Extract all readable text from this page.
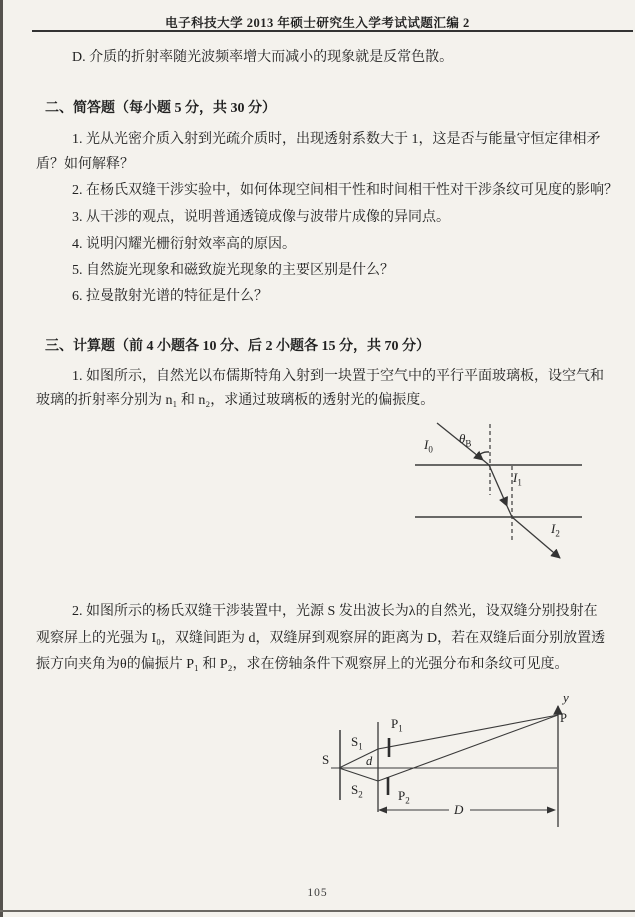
电子科技大学 2013 年硕士研究生入学考试试题汇编 2
D. 介质的折射率随光波频率增大而减小的现象就是反常色散。
二、简答题（每小题 5 分，共 30 分）
1. 光从光密介质入射到光疏介质时，出现透射系数大于 1，这是否与能量守恒定律相矛
盾？如何解释？
2. 在杨氏双缝干涉实验中，如何体现空间相干性和时间相干性对干涉条纹可见度的影响？
3. 从干涉的观点，说明普通透镜成像与波带片成像的异同点。
4. 说明闪耀光栅衍射效率高的原因。
5. 自然旋光现象和磁致旋光现象的主要区别是什么？
6. 拉曼散射光谱的特征是什么？
三、计算题（前 4 小题各 10 分、后 2 小题各 15 分，共 70 分）
1. 如图所示，自然光以布儒斯特角入射到一块置于空气中的平行平面玻璃板，设空气和
玻璃的折射率分别为 n₁ 和 n₂，求通过玻璃板的透射光的偏振度。
$I_0$
$\theta_B$
$I_1$
$I_2$
2. 如图所示的杨氏双缝干涉装置中，光源 S 发出波长为λ的自然光，设双缝分别投射在
观察屏上的光强为 I₀，双缝间距为 d，双缝屏到观察屏的距离为 D，若在双缝后面分别放置透
振方向夹角为θ的偏振片 P₁ 和 P₂，求在傍轴条件下观察屏上的光强分布和条纹可见度。
S
$S_1$
$S_2$
d
$P_1$
$P_2$
D
y
P
105
